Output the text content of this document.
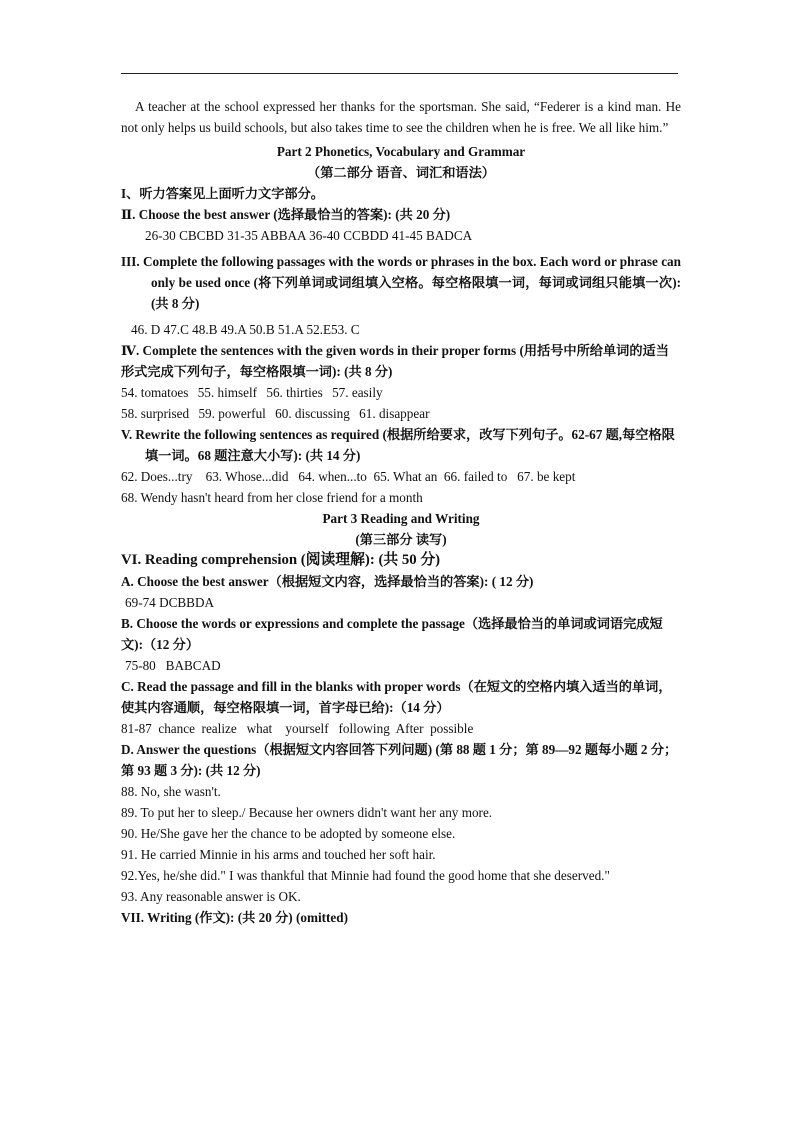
A teacher at the school expressed her thanks for the sportsman. She said, “Federer is a kind man. He not only helps us build schools, but also takes time to see the children when he is free. We all like him.”

Part 2 Phonetics, Vocabulary and Grammar

（第二部分 语音、词汇和语法）

I、听力答案见上面听力文字部分。

Ⅱ. Choose the best answer (选择最恰当的答案): (共 20 分)

26-30 CBCBD 31-35 ABBAA 36-40 CCBDD 41-45 BADCA

III. Complete the following passages with the words or phrases in the box. Each word or phrase can only be used once (将下列单词或词组填入空格。每空格限填一词，每词或词组只能填一次): (共 8 分)

46. D 47.C 48.B 49.A 50.B 51.A 52.E53. C

Ⅳ. Complete the sentences with the given words in their proper forms (用括号中所给单词的适当形式完成下列句子，每空格限填一词): (共 8 分)

54. tomatoes 55. himself 56. thirties 57. easily

58. surprised 59. powerful 60. discussing 61. disappear

V. Rewrite the following sentences as required (根据所给要求，改写下列句子。62-67 题,每空格限填一词。68 题注意大小写): (共 14 分)

62. Does...try    63. Whose...did   64. when...to  65. What an  66. failed to   67. be kept

68. Wendy hasn't heard from her close friend for a month

Part 3 Reading and Writing

(第三部分 读写)

VI. Reading comprehension (阅读理解): (共 50 分)

A. Choose the best answer（根据短文内容，选择最恰当的答案): ( 12 分)

69-74 DCBBDA

B. Choose the words or expressions and complete the passage（选择最恰当的单词或词语完成短文):（12 分）

75-80   BABCAD

C. Read the passage and fill in the blanks with proper words（在短文的空格内填入适当的单词，使其内容通顺，每空格限填一词，首字母已给):（14 分）

81-87  chance  realize   what    yourself   following  After  possible

D. Answer the questions（根据短文内容回答下列问题) (第 88 题 1 分；第 89—92 题每小题 2 分；第 93 题 3 分): (共 12 分)

88. No, she wasn't.

89. To put her to sleep./ Because her owners didn't want her any more.

90. He/She gave her the chance to be adopted by someone else.

91. He carried Minnie in his arms and touched her soft hair.

92.Yes, he/she did." I was thankful that Minnie had found the good home that she deserved."

93. Any reasonable answer is OK.

VII. Writing (作文): (共 20 分) (omitted)
